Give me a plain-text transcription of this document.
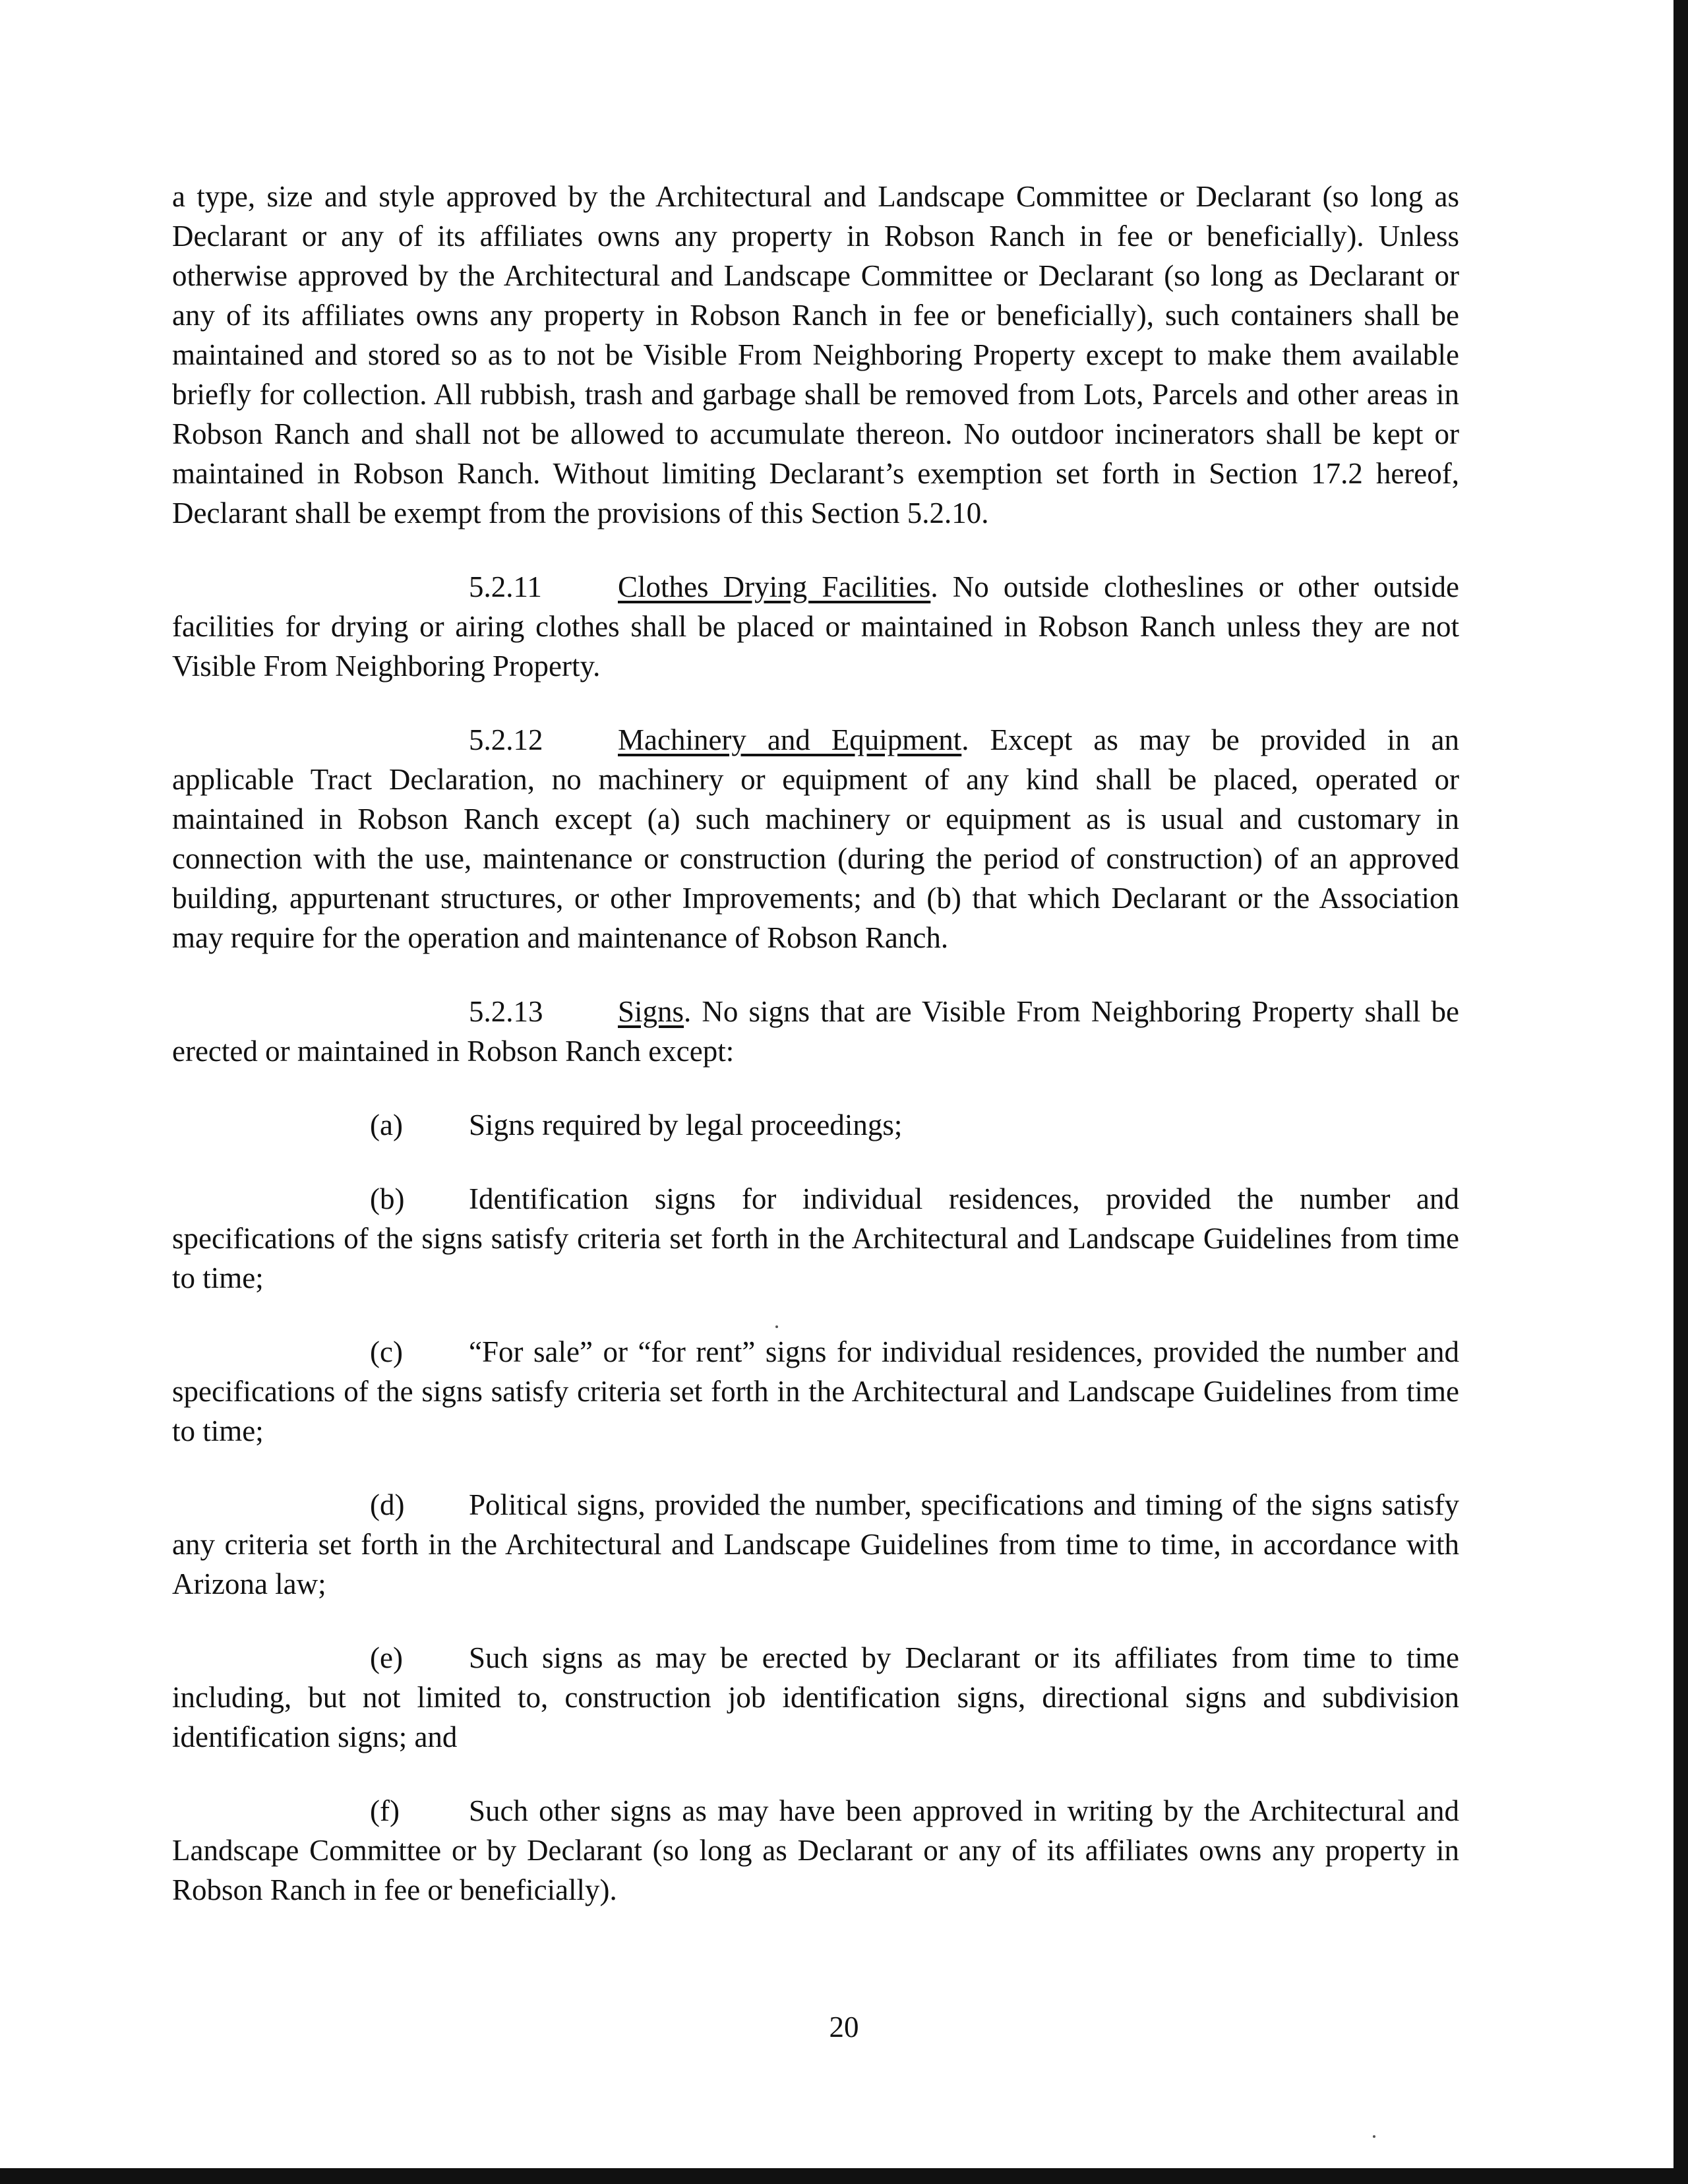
a type, size and style approved by the Architectural and Landscape Committee or Declarant (so long as Declarant or any of its affiliates owns any property in Robson Ranch in fee or beneficially). Unless otherwise approved by the Architectural and Landscape Committee or Declarant (so long as Declarant or any of its affiliates owns any property in Robson Ranch in fee or beneficially), such containers shall be maintained and stored so as to not be Visible From Neighboring Property except to make them available briefly for collection. All rubbish, trash and garbage shall be removed from Lots, Parcels and other areas in Robson Ranch and shall not be allowed to accumulate thereon. No outdoor incinerators shall be kept or maintained in Robson Ranch. Without limiting Declarant’s exemption set forth in Section 17.2 hereof, Declarant shall be exempt from the provisions of this Section 5.2.10.

5.2.11	Clothes Drying Facilities. No outside clotheslines or other outside facilities for drying or airing clothes shall be placed or maintained in Robson Ranch unless they are not Visible From Neighboring Property.

5.2.12	Machinery and Equipment. Except as may be provided in an applicable Tract Declaration, no machinery or equipment of any kind shall be placed, operated or maintained in Robson Ranch except (a) such machinery or equipment as is usual and customary in connection with the use, maintenance or construction (during the period of construction) of an approved building, appurtenant structures, or other Improvements; and (b) that which Declarant or the Association may require for the operation and maintenance of Robson Ranch.

5.2.13	Signs. No signs that are Visible From Neighboring Property shall be erected or maintained in Robson Ranch except:

(a) Signs required by legal proceedings;

(b) Identification signs for individual residences, provided the number and specifications of the signs satisfy criteria set forth in the Architectural and Landscape Guidelines from time to time;

(c) “For sale” or “for rent” signs for individual residences, provided the number and specifications of the signs satisfy criteria set forth in the Architectural and Landscape Guidelines from time to time;

(d) Political signs, provided the number, specifications and timing of the signs satisfy any criteria set forth in the Architectural and Landscape Guidelines from time to time, in accordance with Arizona law;

(e) Such signs as may be erected by Declarant or its affiliates from time to time including, but not limited to, construction job identification signs, directional signs and subdivision identification signs; and

(f) Such other signs as may have been approved in writing by the Architectural and Landscape Committee or by Declarant (so long as Declarant or any of its affiliates owns any property in Robson Ranch in fee or beneficially).

20
